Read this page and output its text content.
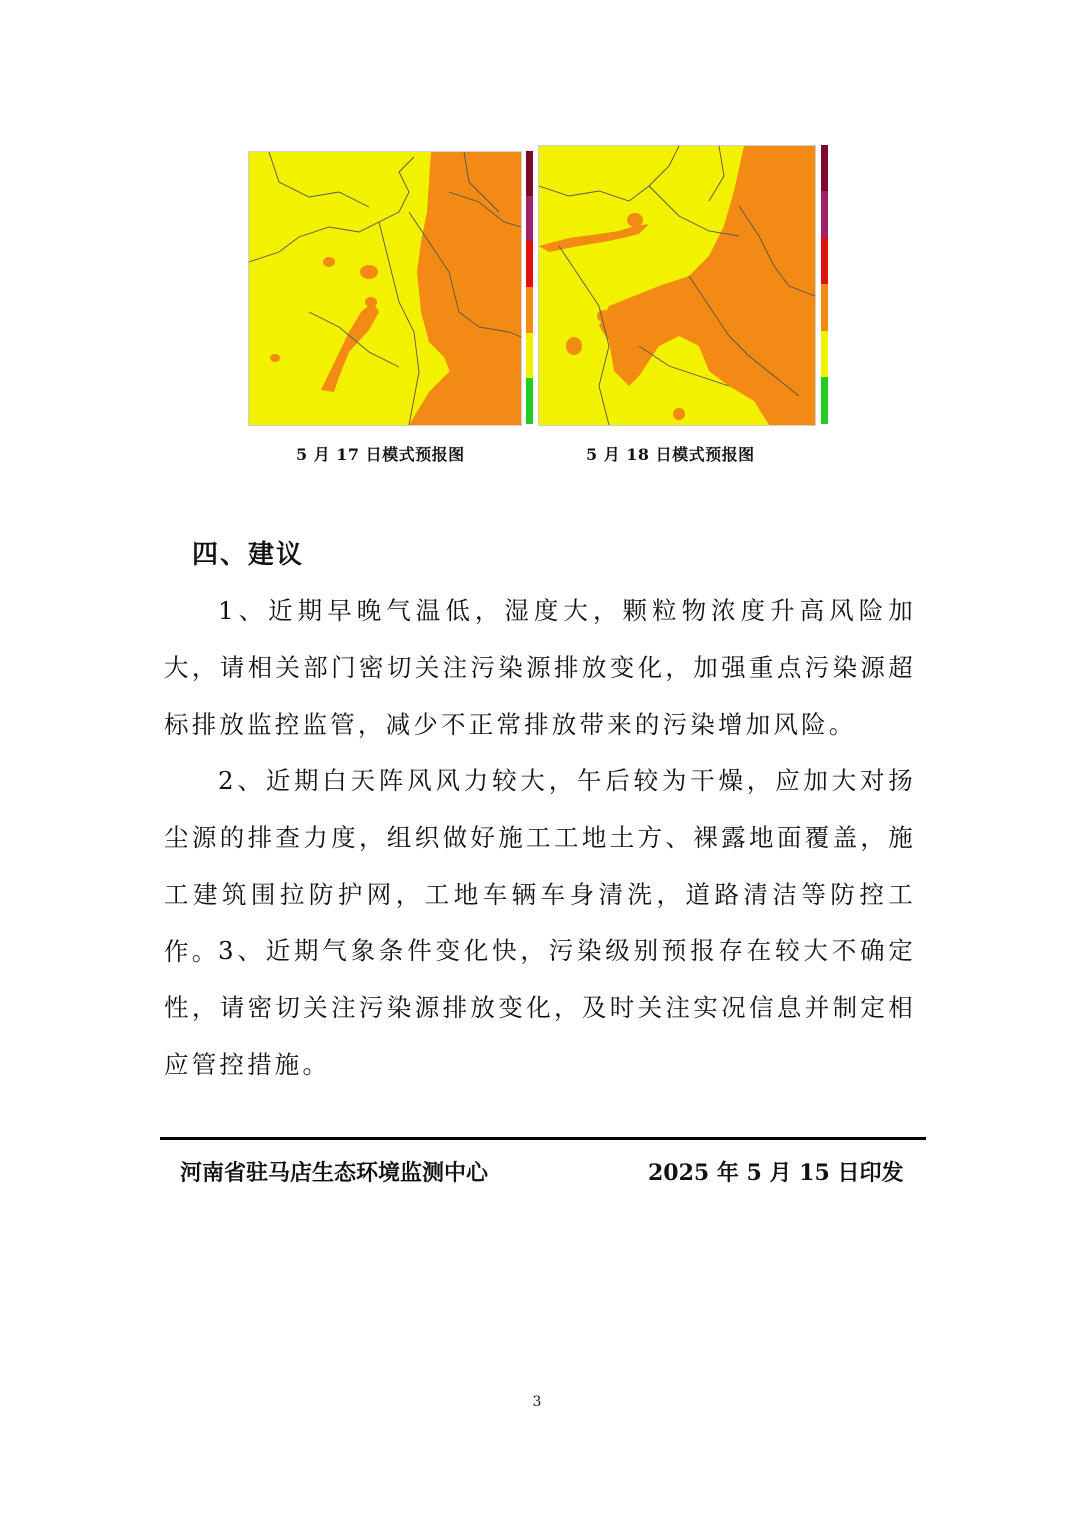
5 月 17 日模式预报图	5 月 18 日模式预报图
四、建议
1、近期早晚气温低，湿度大，颗粒物浓度升高风险加大，请相关部门密切关注污染源排放变化，加强重点污染源超标排放监控监管，减少不正常排放带来的污染增加风险。
2、近期白天阵风风力较大，午后较为干燥，应加大对扬尘源的排查力度，组织做好施工工地土方、裸露地面覆盖，施工建筑围拉防护网，工地车辆车身清洗，道路清洁等防控工作。
3、近期气象条件变化快，污染级别预报存在较大不确定性，请密切关注污染源排放变化，及时关注实况信息并制定相应管控措施。
河南省驻马店生态环境监测中心	2025 年 5 月 15 日印发
3
